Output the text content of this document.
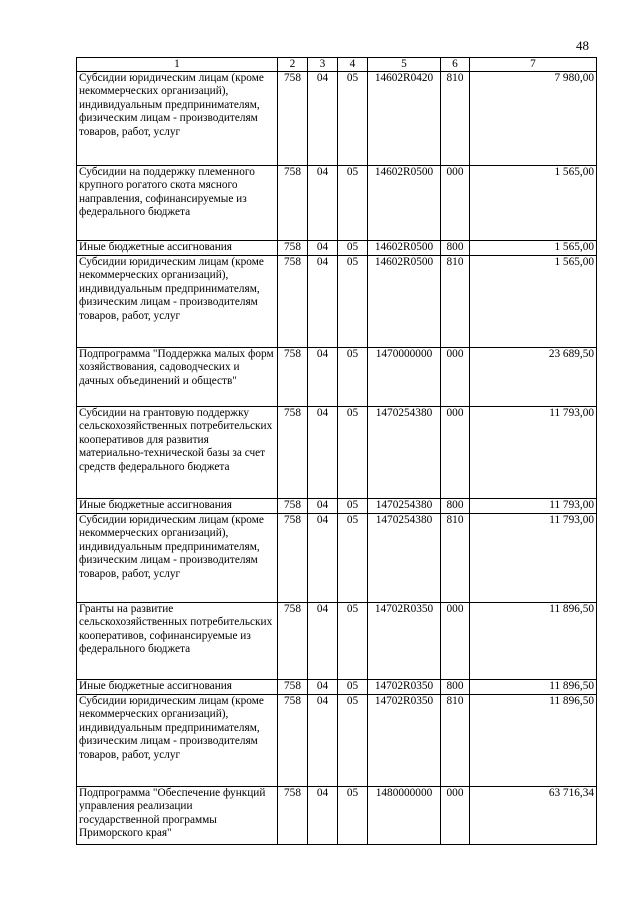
48
1	2	3	4	5	6	7
Субсидии юридическим лицам (кроме некоммерческих организаций), индивидуальным предпринимателям, физическим лицам - производителям товаров, работ, услуг	758	04	05	14602R0420	810	7 980,00
Субсидии на поддержку племенного крупного рогатого скота мясного направления, софинансируемые из федерального бюджета	758	04	05	14602R0500	000	1 565,00
Иные бюджетные ассигнования	758	04	05	14602R0500	800	1 565,00
Субсидии юридическим лицам (кроме некоммерческих организаций), индивидуальным предпринимателям, физическим лицам - производителям товаров, работ, услуг	758	04	05	14602R0500	810	1 565,00
Подпрограмма "Поддержка малых форм хозяйствования, садоводческих и дачных объединений и обществ"	758	04	05	1470000000	000	23 689,50
Субсидии на грантовую поддержку сельскохозяйственных потребительских кооперативов для развития материально-технической базы за счет средств федерального бюджета	758	04	05	1470254380	000	11 793,00
Иные бюджетные ассигнования	758	04	05	1470254380	800	11 793,00
Субсидии юридическим лицам (кроме некоммерческих организаций), индивидуальным предпринимателям, физическим лицам - производителям товаров, работ, услуг	758	04	05	1470254380	810	11 793,00
Гранты на развитие сельскохозяйственных потребительских кооперативов, софинансируемые из федерального бюджета	758	04	05	14702R0350	000	11 896,50
Иные бюджетные ассигнования	758	04	05	14702R0350	800	11 896,50
Субсидии юридическим лицам (кроме некоммерческих организаций), индивидуальным предпринимателям, физическим лицам - производителям товаров, работ, услуг	758	04	05	14702R0350	810	11 896,50
Подпрограмма "Обеспечение функций управления реализации государственной программы Приморского края"	758	04	05	1480000000	000	63 716,34
